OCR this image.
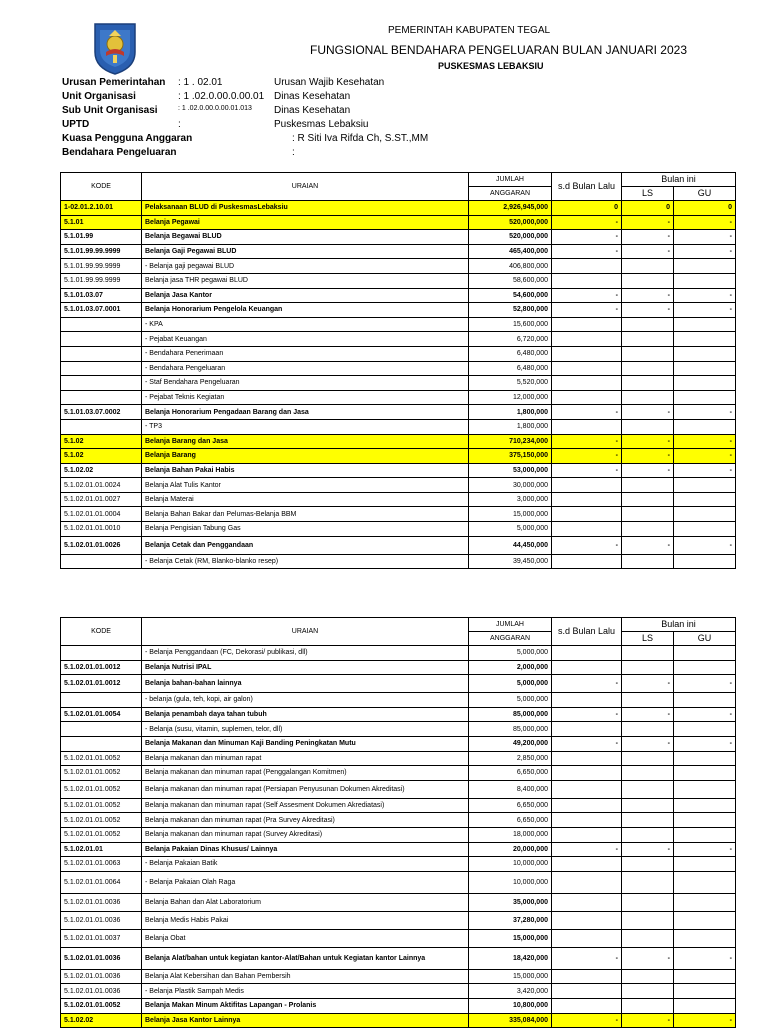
PEMERINTAH KABUPATEN TEGAL
FUNGSIONAL BENDAHARA PENGELUARAN BULAN JANUARI 2023
PUSKESMAS LEBAKSIU
Urusan Pemerintahan : 1 . 02.01	Urusan Wajib Kesehatan
Unit Organisasi	: 1 .02.0.00.0.00.01 Dinas Kesehatan
Sub Unit Organisasi	: 1 .02.0.00.0.00.01.013 Dinas Kesehatan
UPTD	:	Puskesmas Lebaksiu
Kuasa Pengguna Anggaran	: R Siti Iva Rifda Ch, S.ST.,MM
Bendahara Pengeluaran	:
KODE	URAIAN	JUMLAH	s.d Bulan Lalu	Bulan ini	
		ANGGARAN		LS	GU
1-02.01.2.10.01	Pelaksanaan BLUD di PuskesmasLebaksiu	2,926,945,000	0	0	0
5.1.01	Belanja Pegawai	520,000,000	-	-	-
5.1.01.99	Belanja Begawai BLUD	520,000,000	-	-	-
5.1.01.99.99.9999	Belanja Gaji Pegawai BLUD	465,400,000	-	-	-
5.1.01.99.99.9999	- Belanja gaji pegawai BLUD	406,800,000			
5.1.01.99.99.9999	Belanja jasa THR pegawai BLUD	58,600,000			
5.1.01.03.07	Belanja Jasa Kantor	54,600,000	-	-	-
5.1.01.03.07.0001	Belanja Honorarium Pengelola Keuangan	52,800,000	-	-	-
	- KPA	15,600,000			
	- Pejabat Keuangan	6,720,000			
	- Bendahara Penerimaan	6,480,000			
	- Bendahara Pengeluaran	6,480,000			
	- Staf Bendahara Pengeluaran	5,520,000			
	- Pejabat Teknis Kegiatan	12,000,000			
5.1.01.03.07.0002	Belanja Honorarium Pengadaan Barang dan Jasa	1,800,000	-	-	-
	- TP3	1,800,000			
5.1.02	Belanja Barang dan Jasa	710,234,000	-	-	-
5.1.02	Belanja Barang	375,150,000	-	-	-
5.1.02.02	Belanja Bahan Pakai Habis	53,000,000	-	-	-
5.1.02.01.01.0024	Belanja Alat Tulis Kantor	30,000,000			
5.1.02.01.01.0027	Belanja Materai	3,000,000			
5.1.02.01.01.0004	Belanja Bahan Bakar dan Pelumas-Belanja BBM	15,000,000			
5.1.02.01.01.0010	Belanja Pengisian Tabung Gas	5,000,000			
5.1.02.01.01.0026	Belanja Cetak dan Penggandaan	44,450,000	-	-	-
	- Belanja Cetak (RM, Blanko-blanko resep)	39,450,000			
KODE	URAIAN	JUMLAH	s.d Bulan Lalu	Bulan ini	
		ANGGARAN		LS	GU
	- Belanja Penggandaan (FC, Dekorasi/ publikasi, dll)	5,000,000			
5.1.02.01.01.0012	Belanja Nutrisi IPAL	2,000,000			
5.1.02.01.01.0012	Belanja bahan-bahan lainnya	5,000,000	-	-	-
	- belanja (gula, teh, kopi, air galon)	5,000,000			
5.1.02.01.01.0054	Belanja penambah daya tahan tubuh	85,000,000	-	-	-
	- Belanja (susu, vitamin, suplemen, telor, dll)	85,000,000			
	Belanja Makanan dan Minuman Kaji Banding Peningkatan Mutu	49,200,000	-	-	-
5.1.02.01.01.0052	Belanja makanan dan minuman rapat	2,850,000			
5.1.02.01.01.0052	Belanja makanan dan minuman rapat (Penggalangan Komitmen)	6,650,000			
5.1.02.01.01.0052	Belanja makanan dan minuman rapat (Persiapan Penyusunan Dokumen Akreditasi)	8,400,000			
5.1.02.01.01.0052	Belanja makanan dan minuman rapat (Self Assesment Dokumen Akrediatasi)	6,650,000			
5.1.02.01.01.0052	Belanja makanan dan minuman rapat (Pra Survey Akreditasi)	6,650,000			
5.1.02.01.01.0052	Belanja makanan dan minuman rapat (Survey Akreditasi)	18,000,000			
5.1.02.01.01	Belanja Pakaian Dinas Khusus/ Lainnya	20,000,000	-	-	-
5.1.02.01.01.0063	- Belanja Pakaian Batik	10,000,000			
5.1.02.01.01.0064	- Belanja Pakaian Olah Raga	10,000,000			
5.1.02.01.01.0036	Belanja Bahan dan Alat Laboratorium	35,000,000			
5.1.02.01.01.0036	Belanja Medis Habis Pakai	37,280,000			
5.1.02.01.01.0037	Belanja Obat	15,000,000			
5.1.02.01.01.0036	Belanja Alat/bahan untuk kegiatan kantor-Alat/Bahan untuk Kegiatan kantor Lainnya	18,420,000	-	-	-
5.1.02.01.01.0036	Belanja Alat Kebersihan dan Bahan Pembersih	15,000,000			
5.1.02.01.01.0036	- Belanja Plastik Sampah Medis	3,420,000			
5.1.02.01.01.0052	Belanja Makan Minum Aktifitas Lapangan - Prolanis	10,800,000			
5.1.02.02	Belanja Jasa Kantor Lainnya	335,084,000	-	-	-
